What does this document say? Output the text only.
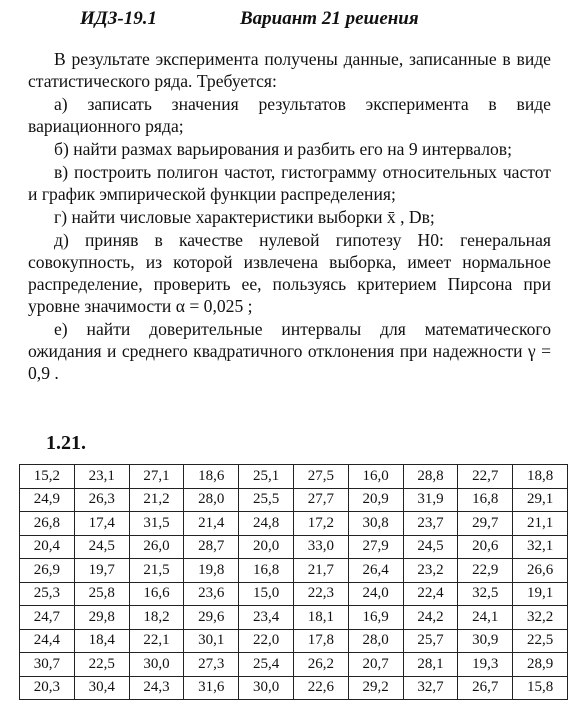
ИДЗ-19.1	Вариант 21 решения

В результате эксперимента получены данные, записанные в виде статистического ряда. Требуется:

а) записать значения результатов эксперимента в виде вариационного ряда;

б) найти размах варьирования и разбить его на 9 интервалов;

в) построить полигон частот, гистограмму относительных частот и график эмпирической функции распределения;

г) найти числовые характеристики выборки x̄ , Dв;

д) приняв в качестве нулевой гипотезу H0: генеральная совокупность, из которой извлечена выборка, имеет нормальное распределение, проверить ее, пользуясь критерием Пирсона при уровне значимости α = 0,025 ;

е) найти доверительные интервалы для математического ожидания и среднего квадратичного отклонения при надежности γ = 0,9 .

1.21.
15,2	23,1	27,1	18,6	25,1	27,5	16,0	28,8	22,7	18,8
24,9	26,3	21,2	28,0	25,5	27,7	20,9	31,9	16,8	29,1
26,8	17,4	31,5	21,4	24,8	17,2	30,8	23,7	29,7	21,1
20,4	24,5	26,0	28,7	20,0	33,0	27,9	24,5	20,6	32,1
26,9	19,7	21,5	19,8	16,8	21,7	26,4	23,2	22,9	26,6
25,3	25,8	16,6	23,6	15,0	22,3	24,0	22,4	32,5	19,1
24,7	29,8	18,2	29,6	23,4	18,1	16,9	24,2	24,1	32,2
24,4	18,4	22,1	30,1	22,0	17,8	28,0	25,7	30,9	22,5
30,7	22,5	30,0	27,3	25,4	26,2	20,7	28,1	19,3	28,9
20,3	30,4	24,3	31,6	30,0	22,6	29,2	32,7	26,7	15,8
